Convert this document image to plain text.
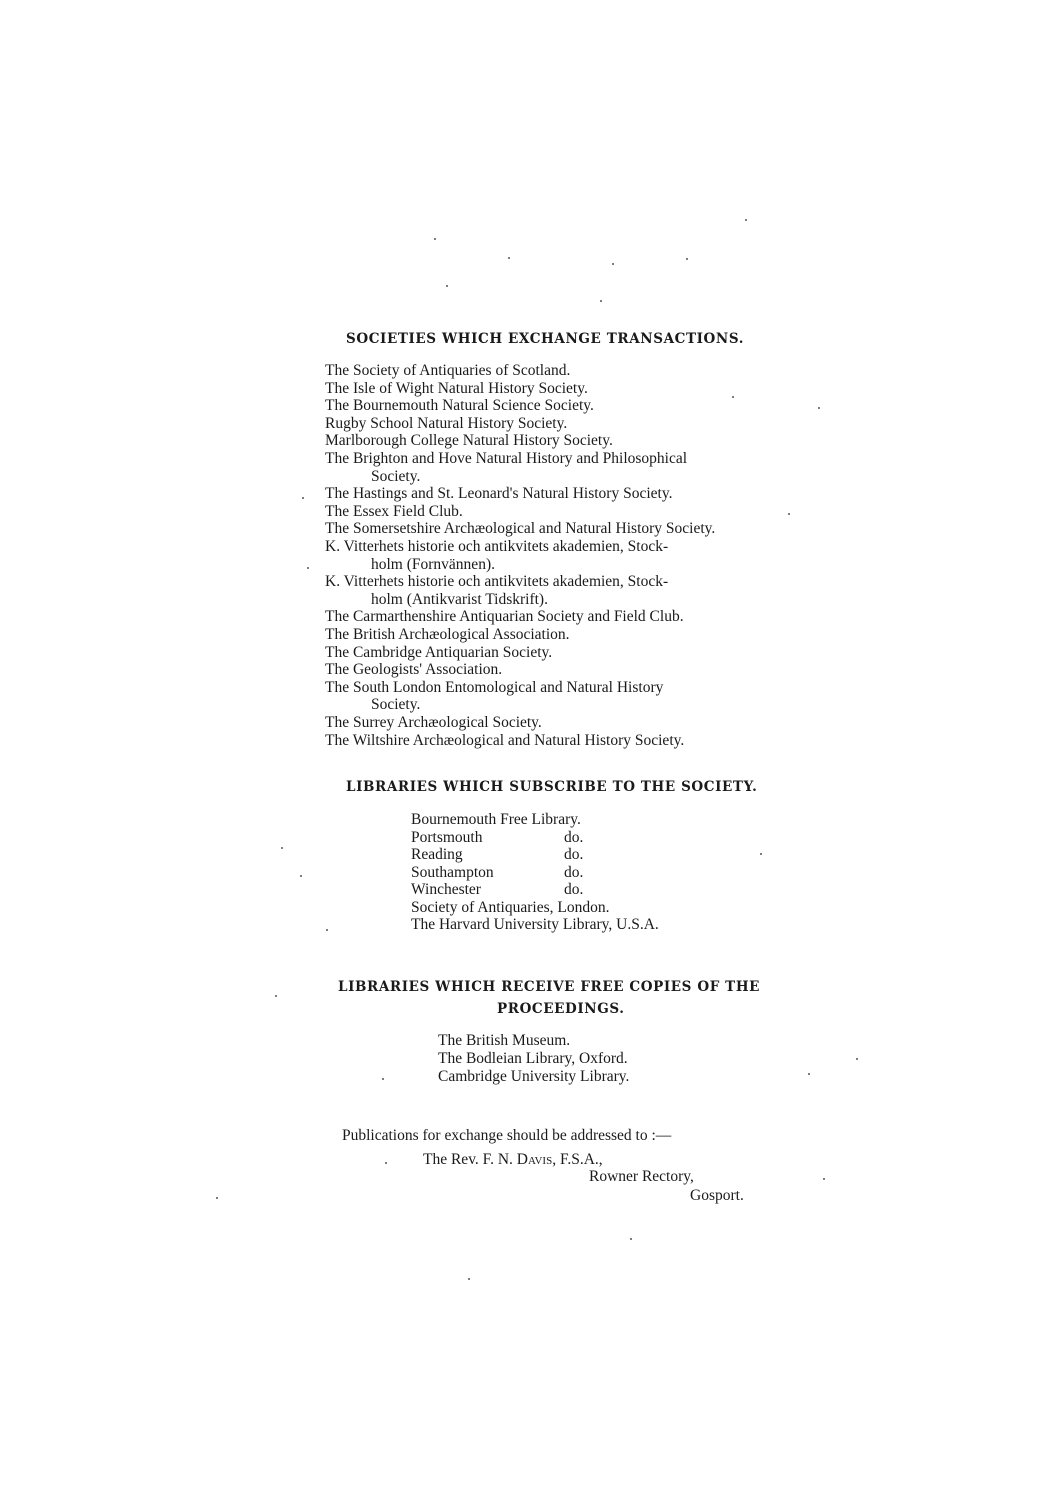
SOCIETIES WHICH EXCHANGE TRANSACTIONS.
The Society of Antiquaries of Scotland.
The Isle of Wight Natural History Society.
The Bournemouth Natural Science Society.
Rugby School Natural History Society.
Marlborough College Natural History Society.
The Brighton and Hove Natural History and Philosophical
Society.
The Hastings and St. Leonard's Natural History Society.
The Essex Field Club.
The Somersetshire Archæological and Natural History Society.
K. Vitterhets historie och antikvitets akademien, Stock-
holm (Fornvännen).
K. Vitterhets historie och antikvitets akademien, Stock-
holm (Antikvarist Tidskrift).
The Carmarthenshire Antiquarian Society and Field Club.
The British Archæological Association.
The Cambridge Antiquarian Society.
The Geologists' Association.
The South London Entomological and Natural History
Society.
The Surrey Archæological Society.
The Wiltshire Archæological and Natural History Society.
LIBRARIES WHICH SUBSCRIBE TO THE SOCIETY.
Bournemouth Free Library.
Portsmouth	do.
Reading	do.
Southampton	do.
Winchester	do.
Society of Antiquaries, London.
The Harvard University Library, U.S.A.
LIBRARIES WHICH RECEIVE FREE COPIES OF THE
PROCEEDINGS.
The British Museum.
The Bodleian Library, Oxford.
Cambridge University Library.
Publications for exchange should be addressed to :—
The Rev. F. N. Davis, F.S.A.,
Rowner Rectory,
Gosport.
